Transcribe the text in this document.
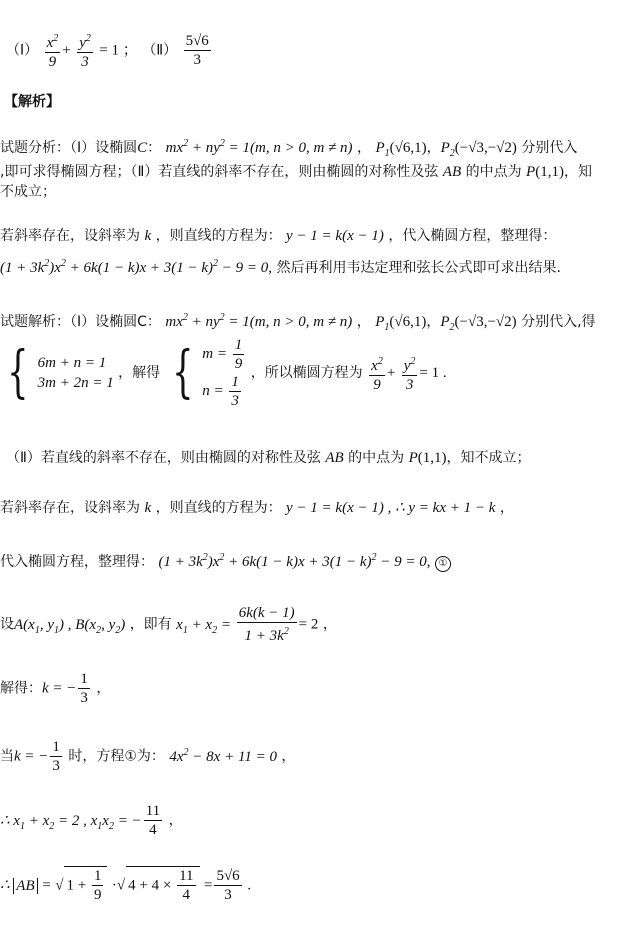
（Ⅰ） $\frac{x^2}{9} + \frac{y^2}{3} = 1$ ； （Ⅱ） $\frac{5√6}{3}$
【解析】
试题分析：（Ⅰ）设椭圆C： $mx^2 + ny^2 = 1(m$, n > 0, m ≠ n) ， $P_1(√6,1)$，$P_2(-√3,-√2)$ 分别代入
,即可求得椭圆方程；（Ⅱ）若直线的斜率不存在，则由椭圆的对称性及弦 AB 的中点为 P(1,1)，知
不成立；
若斜率存在，设斜率为 k ，则直线的方程为： y − 1 = k(x − 1) ，代入椭圆方程，整理得：
$(1 + 3k^2)x^2 + 6k(1 - k)x + 3(1 - k)^2 - 9 = 0$, 然后再利用韦达定理和弦长公式即可求出结果.
试题解析：（Ⅰ）设椭圆C： $mx^2 + ny^2 = 1(m$, n > 0, m ≠ n) ， $P_1(√6,1)$，$P_2(-√3,-√2)$ 分别代入,得
{ 6m + n = 1
3m + 2n = 1
，解得 { $m = \frac{1}{9}$
$n = \frac{1}{3}$ ，所以椭圆方程为 $\frac{x^2}{9} + \frac{y^2}{3} = 1$ .
（Ⅱ）若直线的斜率不存在，则由椭圆的对称性及弦 AB 的中点为 P(1,1)，知不成立；
若斜率存在，设斜率为 k ，则直线的方程为： y − 1 = k(x − 1) , ∴ y = kx + 1 − k ，
代入椭圆方程，整理得： $(1 + 3k^2)x^2 + 6k(1 - k)x + 3(1 - k)^2 - 9 = 0$, ①
设$A(x_1$, $y_1$) , $B(x_2$, $y_2$) ，即有 $x_1 + x_2 = \frac{6k(k - 1)}{1 + 3k^2} = 2$ ，
解得：k = − $\frac{1}{3}$ ，
当k = − $\frac{1}{3}$ 时，方程①为： $4x^2 - 8x + 11 = 0$ ，
∴ $x_1 + x_2 = 2$ , $x_1x_2$ = − $\frac{11}{4}$ ，
∴ AB = √ $1 + \frac{1}{9}$ ·√ $4 + 4 \times \frac{11}{4} = \frac{5√6}{3}$ .
